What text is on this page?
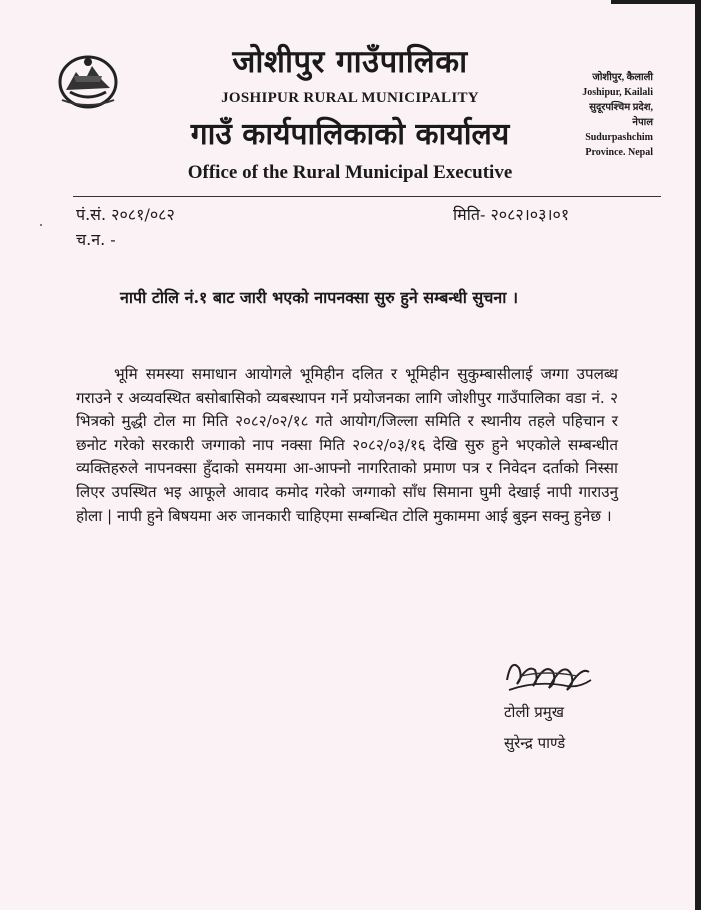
जोशीपुर गाउँपालिका
JOSHIPUR RURAL MUNICIPALITY
गाउँ कार्यपालिकाको कार्यालय
Office of the Rural Municipal Executive
जोशीपुर, कैलाली
Joshipur, Kailali
सुदूरपश्चिम प्रदेश,
नेपाल
Sudurpashchim
Province. Nepal
पं.सं. २०८१/०८२
च.न. -
मिति- २०८२।०३।०१
नापी टोलि नं.१ बाट जारी भएको नापनक्सा सुरु हुने सम्बन्धी सुचना ।
भूमि समस्या समाधान आयोगले भूमिहीन दलित र भूमिहीन सुकुम्बासीलाई जग्गा उपलब्ध गराउने र अव्यवस्थित बसोबासिको व्यबस्थापन गर्ने प्रयोजनका लागि जोशीपुर गाउँपालिका वडा नं. २ भित्रको मुद्धी टोल मा मिति २०८२/०२/१८ गते आयोग/जिल्ला समिति र स्थानीय तहले पहिचान र छनोट गरेको सरकारी जग्गाको नाप नक्सा मिति २०८२/०३/१६ देखि सुरु हुने भएकोले सम्बन्धीत व्यक्तिहरुले नापनक्सा हुँदाको समयमा आ-आफ्नो नागरिताको प्रमाण पत्र र निवेदन दर्ताको निस्सा लिएर उपस्थित भइ आफूले आवाद कमोद गरेको जग्गाको साँध सिमाना घुमी देखाई नापी गाराउनु होला | नापी हुने बिषयमा अरु जानकारी चाहिएमा सम्बन्धित टोलि मुकाममा आई बुझ्न सक्नु हुनेछ ।
टोली प्रमुख
सुरेन्द्र पाण्डे
